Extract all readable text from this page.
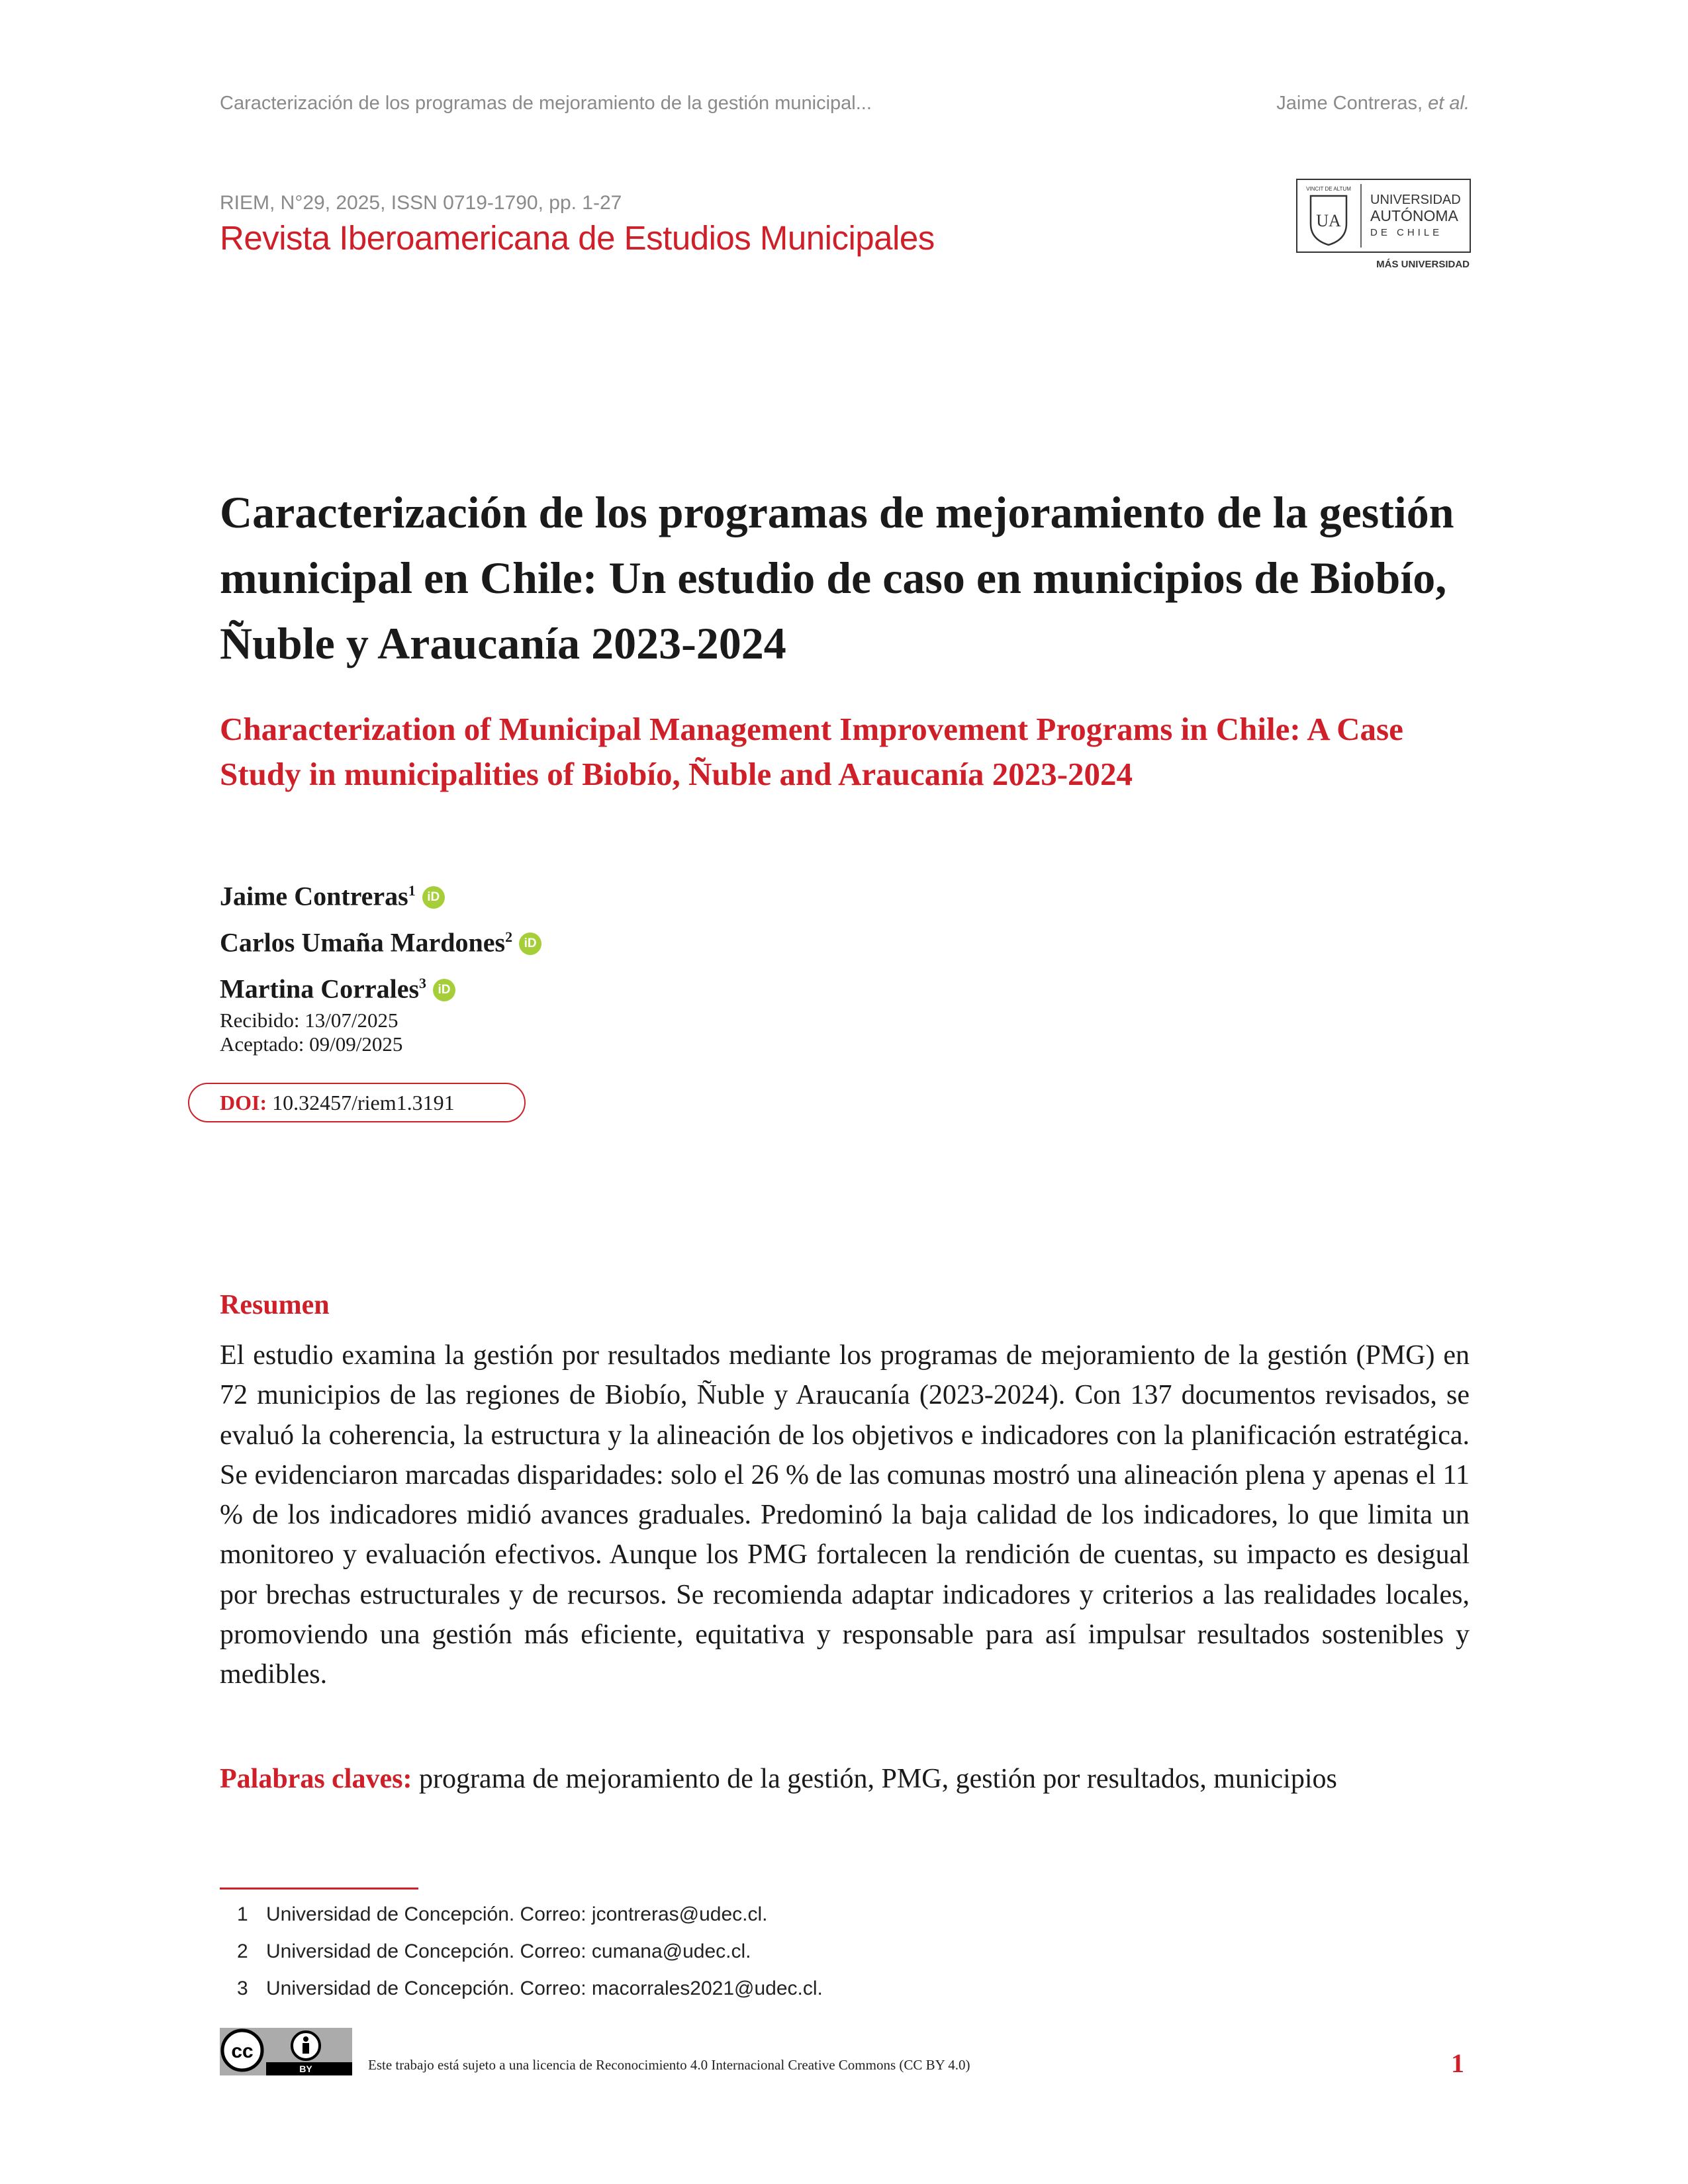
Caracterización de los programas de mejoramiento de la gestión municipal...	Jaime Contreras, et al.
RIEM, N°29, 2025, ISSN 0719-1790, pp. 1-27
Revista Iberoamericana de Estudios Municipales	UA
VINCIT DE ALTUM
UNIVERSIDAD
AUTÓNOMA
DE CHILE
MÁS UNIVERSIDAD
Caracterización de los programas de mejoramiento de la gestión municipal en Chile: Un estudio de caso en municipios de Biobío, Ñuble y Araucanía 2023-2024
Characterization of Municipal Management Improvement Programs in Chile: A Case Study in municipalities of Biobío, Ñuble and Araucanía 2023-2024
Jaime Contreras$^1$ iD
Carlos Umaña Mardones$^2$ iD
Martina Corrales$^3$ iD
Recibido: 13/07/2025
Aceptado: 09/09/2025
DOI: 10.32457/riem1.3191
Resumen
El estudio examina la gestión por resultados mediante los programas de mejoramiento de la gestión (PMG) en 72 municipios de las regiones de Biobío, Ñuble y Araucanía (2023-2024). Con 137 documentos revisados, se evaluó la coherencia, la estructura y la alineación de los objetivos e indicadores con la planificación estratégica. Se evidenciaron marcadas disparidades: solo el 26 % de las comunas mostró una alineación plena y apenas el 11 % de los indicadores midió avances graduales. Predominó la baja calidad de los indicadores, lo que limita un monitoreo y evaluación efectivos. Aunque los PMG fortalecen la rendición de cuentas, su impacto es desigual por brechas estructurales y de recursos. Se recomienda adaptar indicadores y criterios a las realidades locales, promoviendo una gestión más eficiente, equitativa y responsable para así impulsar resultados sostenibles y medibles.
Palabras claves: programa de mejoramiento de la gestión, PMG, gestión por resultados, municipios
1 Universidad de Concepción. Correo: jcontreras@udec.cl.
2 Universidad de Concepción. Correo: cumana@udec.cl.
3 Universidad de Concepción. Correo: macorrales2021@udec.cl.
cc
BY	Este trabajo está sujeto a una licencia de Reconocimiento 4.0 Internacional Creative Commons (CC BY 4.0)	1
